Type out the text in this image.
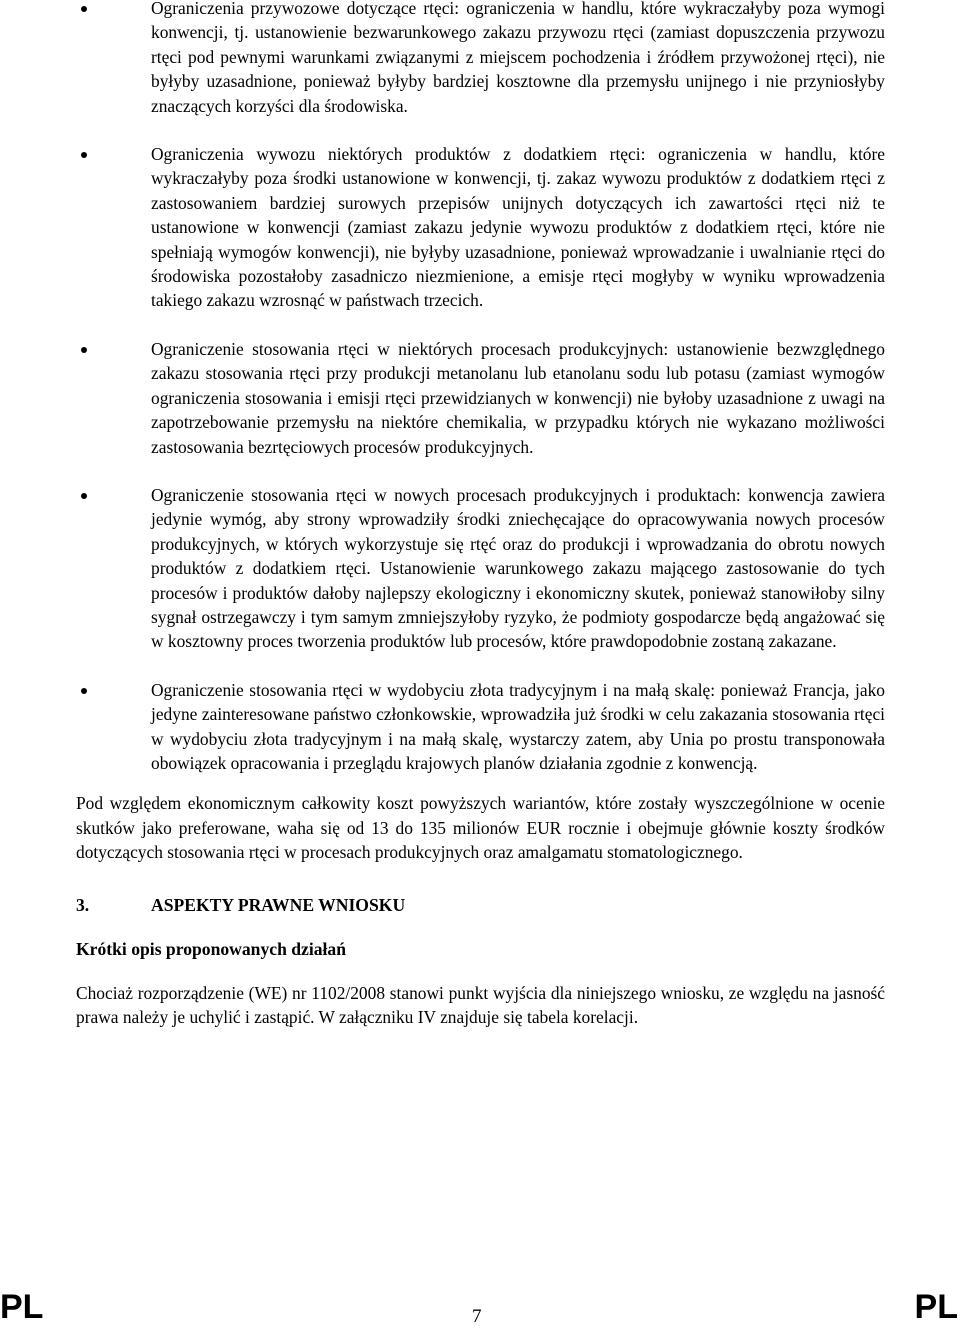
Ograniczenia przywozowe dotyczące rtęci: ograniczenia w handlu, które wykraczałyby poza wymogi konwencji, tj. ustanowienie bezwarunkowego zakazu przywozu rtęci (zamiast dopuszczenia przywozu rtęci pod pewnymi warunkami związanymi z miejscem pochodzenia i źródłem przywożonej rtęci), nie byłyby uzasadnione, ponieważ byłyby bardziej kosztowne dla przemysłu unijnego i nie przyniosłyby znaczących korzyści dla środowiska.
Ograniczenia wywozu niektórych produktów z dodatkiem rtęci: ograniczenia w handlu, które wykraczałyby poza środki ustanowione w konwencji, tj. zakaz wywozu produktów z dodatkiem rtęci z zastosowaniem bardziej surowych przepisów unijnych dotyczących ich zawartości rtęci niż te ustanowione w konwencji (zamiast zakazu jedynie wywozu produktów z dodatkiem rtęci, które nie spełniają wymogów konwencji), nie byłyby uzasadnione, ponieważ wprowadzanie i uwalnianie rtęci do środowiska pozostałoby zasadniczo niezmienione, a emisje rtęci mogłyby w wyniku wprowadzenia takiego zakazu wzrosnąć w państwach trzecich.
Ograniczenie stosowania rtęci w niektórych procesach produkcyjnych: ustanowienie bezwzględnego zakazu stosowania rtęci przy produkcji metanolanu lub etanolanu sodu lub potasu (zamiast wymogów ograniczenia stosowania i emisji rtęci przewidzianych w konwencji) nie byłoby uzasadnione z uwagi na zapotrzebowanie przemysłu na niektóre chemikalia, w przypadku których nie wykazano możliwości zastosowania bezrtęciowych procesów produkcyjnych.
Ograniczenie stosowania rtęci w nowych procesach produkcyjnych i produktach: konwencja zawiera jedynie wymóg, aby strony wprowadziły środki zniechęcające do opracowywania nowych procesów produkcyjnych, w których wykorzystuje się rtęć oraz do produkcji i wprowadzania do obrotu nowych produktów z dodatkiem rtęci. Ustanowienie warunkowego zakazu mającego zastosowanie do tych procesów i produktów dałoby najlepszy ekologiczny i ekonomiczny skutek, ponieważ stanowiłoby silny sygnał ostrzegawczy i tym samym zmniejszyłoby ryzyko, że podmioty gospodarcze będą angażować się w kosztowny proces tworzenia produktów lub procesów, które prawdopodobnie zostaną zakazane.
Ograniczenie stosowania rtęci w wydobyciu złota tradycyjnym i na małą skalę: ponieważ Francja, jako jedyne zainteresowane państwo członkowskie, wprowadziła już środki w celu zakazania stosowania rtęci w wydobyciu złota tradycyjnym i na małą skalę, wystarczy zatem, aby Unia po prostu transponowała obowiązek opracowania i przeglądu krajowych planów działania zgodnie z konwencją.

Pod względem ekonomicznym całkowity koszt powyższych wariantów, które zostały wyszczególnione w ocenie skutków jako preferowane, waha się od 13 do 135 milionów EUR rocznie i obejmuje głównie koszty środków dotyczących stosowania rtęci w procesach produkcyjnych oraz amalgamatu stomatologicznego.

3.	ASPEKTY PRAWNE WNIOSKU
Krótki opis proponowanych działań

Chociaż rozporządzenie (WE) nr 1102/2008 stanowi punkt wyjścia dla niniejszego wniosku, ze względu na jasność prawa należy je uchylić i zastąpić. W załączniku IV znajduje się tabela korelacji.

PL	7	PL
